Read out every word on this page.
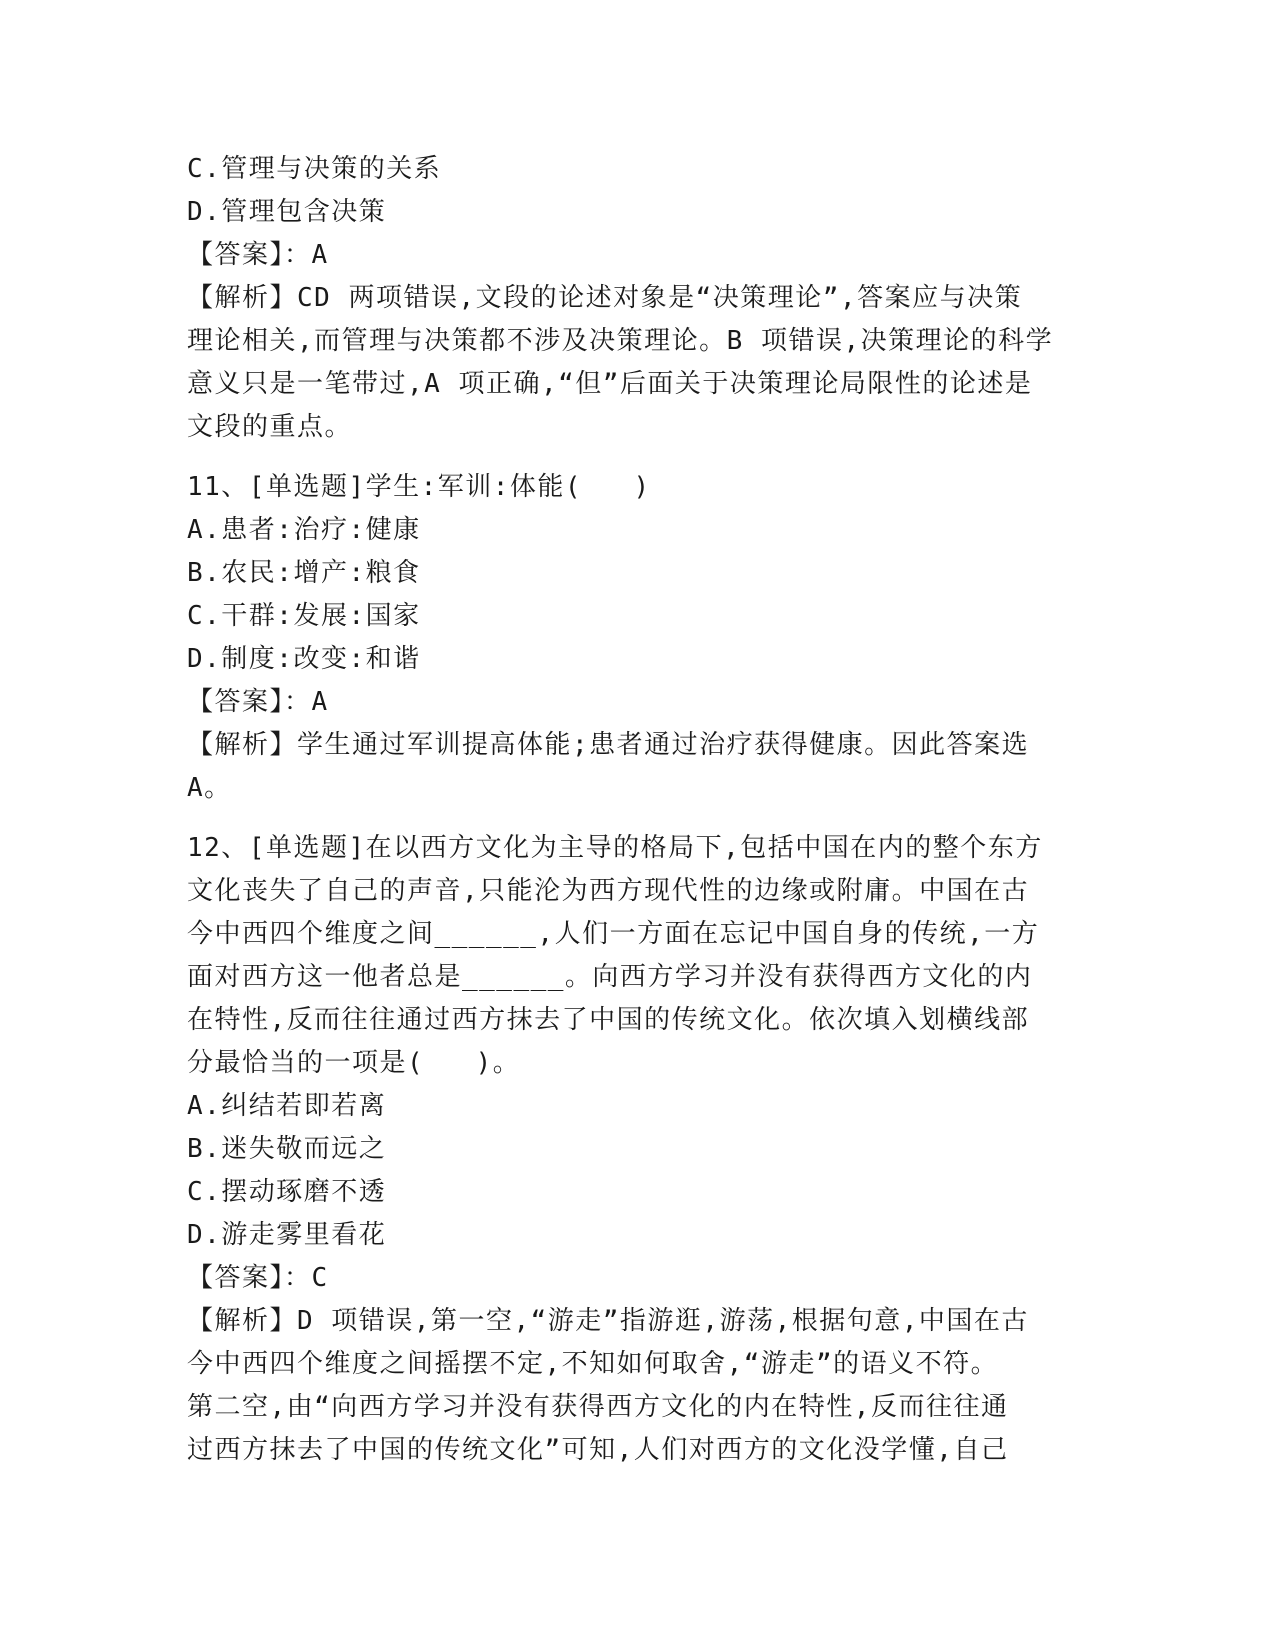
C.管理与决策的关系
D.管理包含决策
【答案】：A
【解析】CD 两项错误,文段的论述对象是“决策理论”,答案应与决策
理论相关,而管理与决策都不涉及决策理论。B 项错误,决策理论的科学
意义只是一笔带过,A 项正确,“但”后面关于决策理论局限性的论述是
文段的重点。
11、[单选题]学生:军训:体能(   )
A.患者:治疗:健康
B.农民:增产:粮食
C.干群:发展:国家
D.制度:改变:和谐
【答案】：A
【解析】学生通过军训提高体能;患者通过治疗获得健康。因此答案选
A。
12、[单选题]在以西方文化为主导的格局下,包括中国在内的整个东方
文化丧失了自己的声音,只能沦为西方现代性的边缘或附庸。中国在古
今中西四个维度之间______,人们一方面在忘记中国自身的传统,一方
面对西方这一他者总是______。向西方学习并没有获得西方文化的内
在特性,反而往往通过西方抹去了中国的传统文化。依次填入划横线部
分最恰当的一项是(   )。
A.纠结若即若离
B.迷失敬而远之
C.摆动琢磨不透
D.游走雾里看花
【答案】：C
【解析】D 项错误,第一空,“游走”指游逛,游荡,根据句意,中国在古
今中西四个维度之间摇摆不定,不知如何取舍,“游走”的语义不符。
第二空,由“向西方学习并没有获得西方文化的内在特性,反而往往通
过西方抹去了中国的传统文化”可知,人们对西方的文化没学懂,自己
